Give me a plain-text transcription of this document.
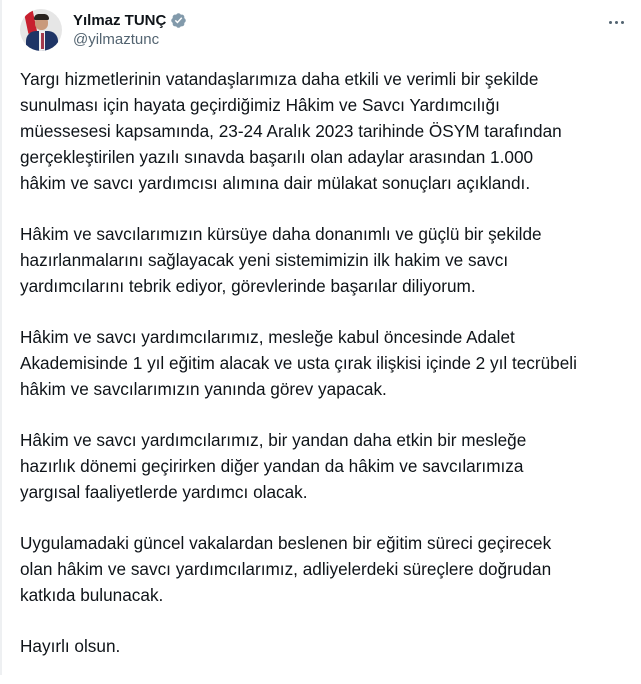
Yılmaz TUNÇ
@yilmaztunc

Yargı hizmetlerinin vatandaşlarımıza daha etkili ve verimli bir şekilde
sunulması için hayata geçirdiğimiz Hâkim ve Savcı Yardımcılığı
müessesesi kapsamında, 23-24 Aralık 2023 tarihinde ÖSYM tarafından
gerçekleştirilen yazılı sınavda başarılı olan adaylar arasından 1.000
hâkim ve savcı yardımcısı alımına dair mülakat sonuçları açıklandı.

Hâkim ve savcılarımızın kürsüye daha donanımlı ve güçlü bir şekilde
hazırlanmalarını sağlayacak yeni sistemimizin ilk hakim ve savcı
yardımcılarını tebrik ediyor, görevlerinde başarılar diliyorum.

Hâkim ve savcı yardımcılarımız, mesleğe kabul öncesinde Adalet
Akademisinde 1 yıl eğitim alacak ve usta çırak ilişkisi içinde 2 yıl tecrübeli
hâkim ve savcılarımızın yanında görev yapacak.

Hâkim ve savcı yardımcılarımız, bir yandan daha etkin bir mesleğe
hazırlık dönemi geçirirken diğer yandan da hâkim ve savcılarımıza
yargısal faaliyetlerde yardımcı olacak.

Uygulamadaki güncel vakalardan beslenen bir eğitim süreci geçirecek
olan hâkim ve savcı yardımcılarımız, adliyelerdeki süreçlere doğrudan
katkıda bulunacak.

Hayırlı olsun.
